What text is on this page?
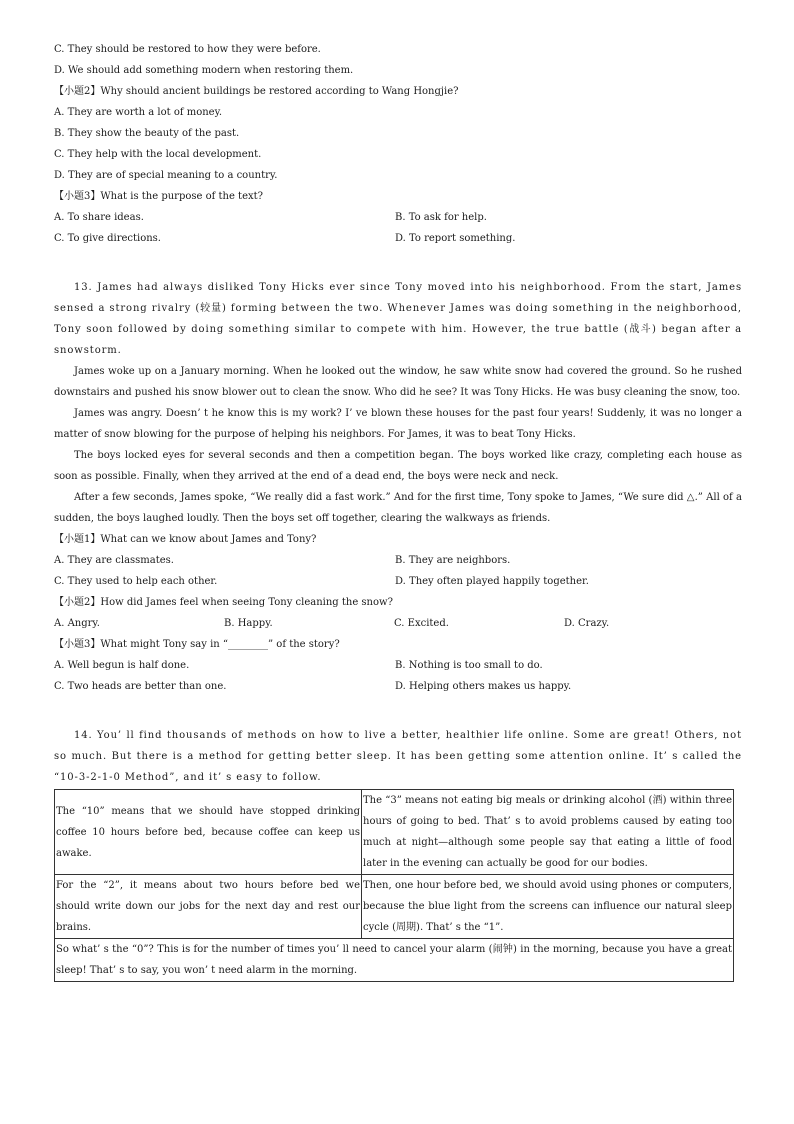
C. They should be restored to how they were before.

D. We should add something modern when restoring them.

【小题2】Why should ancient buildings be restored according to Wang Hongjie?

A. They are worth a lot of money.

B. They show the beauty of the past.

C. They help with the local development.

D. They are of special meaning to a country.

【小题3】What is the purpose of the text?

A. To share ideas.	B. To ask for help.
C. To give directions.	D. To report something.

13. James had always disliked Tony Hicks ever since Tony moved into his neighborhood. From the start, James sensed a strong rivalry (较量) forming between the two. Whenever James was doing something in the neighborhood, Tony soon followed by doing something similar to compete with him. However, the true battle (战斗) began after a snowstorm.

James woke up on a January morning. When he looked out the window, he saw white snow had covered the ground. So he rushed downstairs and pushed his snow blower out to clean the snow. Who did he see? It was Tony Hicks. He was busy cleaning the snow, too.

James was angry. Doesn’ t he know this is my work? I’ ve blown these houses for the past four years! Suddenly, it was no longer a matter of snow blowing for the purpose of helping his neighbors. For James, it was to beat Tony Hicks.

The boys locked eyes for several seconds and then a competition began. The boys worked like crazy, completing each house as soon as possible. Finally, when they arrived at the end of a dead end, the boys were neck and neck.

After a few seconds, James spoke, “We really did a fast work.” And for the first time, Tony spoke to James, “We sure did △.” All of a sudden, the boys laughed loudly. Then the boys set off together, clearing the walkways as friends.

【小题1】What can we know about James and Tony?

A. They are classmates.	B. They are neighbors.
C. They used to help each other.	D. They often played happily together.

【小题2】How did James feel when seeing Tony cleaning the snow?

A. Angry.	B. Happy.	C. Excited.	D. Crazy.

【小题3】What might Tony say in “________” of the story?

A. Well begun is half done.	B. Nothing is too small to do.
C. Two heads are better than one.	D. Helping others makes us happy.

14. You’ ll find thousands of methods on how to live a better, healthier life online. Some are great! Others, not so much. But there is a method for getting better sleep. It has been getting some attention online. It’ s called the “10-3-2-1-0 Method”, and it’ s easy to follow.

The “10” means that we should have stopped drinking coffee 10 hours before bed, because coffee can keep us awake.	The “3” means not eating big meals or drinking alcohol (酒) within three hours of going to bed. That’ s to avoid problems caused by eating too much at night—although some people say that eating a little of food later in the evening can actually be good for our bodies.
For the “2”, it means about two hours before bed we should write down our jobs for the next day and rest our brains.	Then, one hour before bed, we should avoid using phones or computers, because the blue light from the screens can influence our natural sleep cycle (周期). That’ s the “1”.
So what’ s the “0”? This is for the number of times you’ ll need to cancel your alarm (闹钟) in the morning, because you have a great sleep! That’ s to say, you won’ t need alarm in the morning.	
